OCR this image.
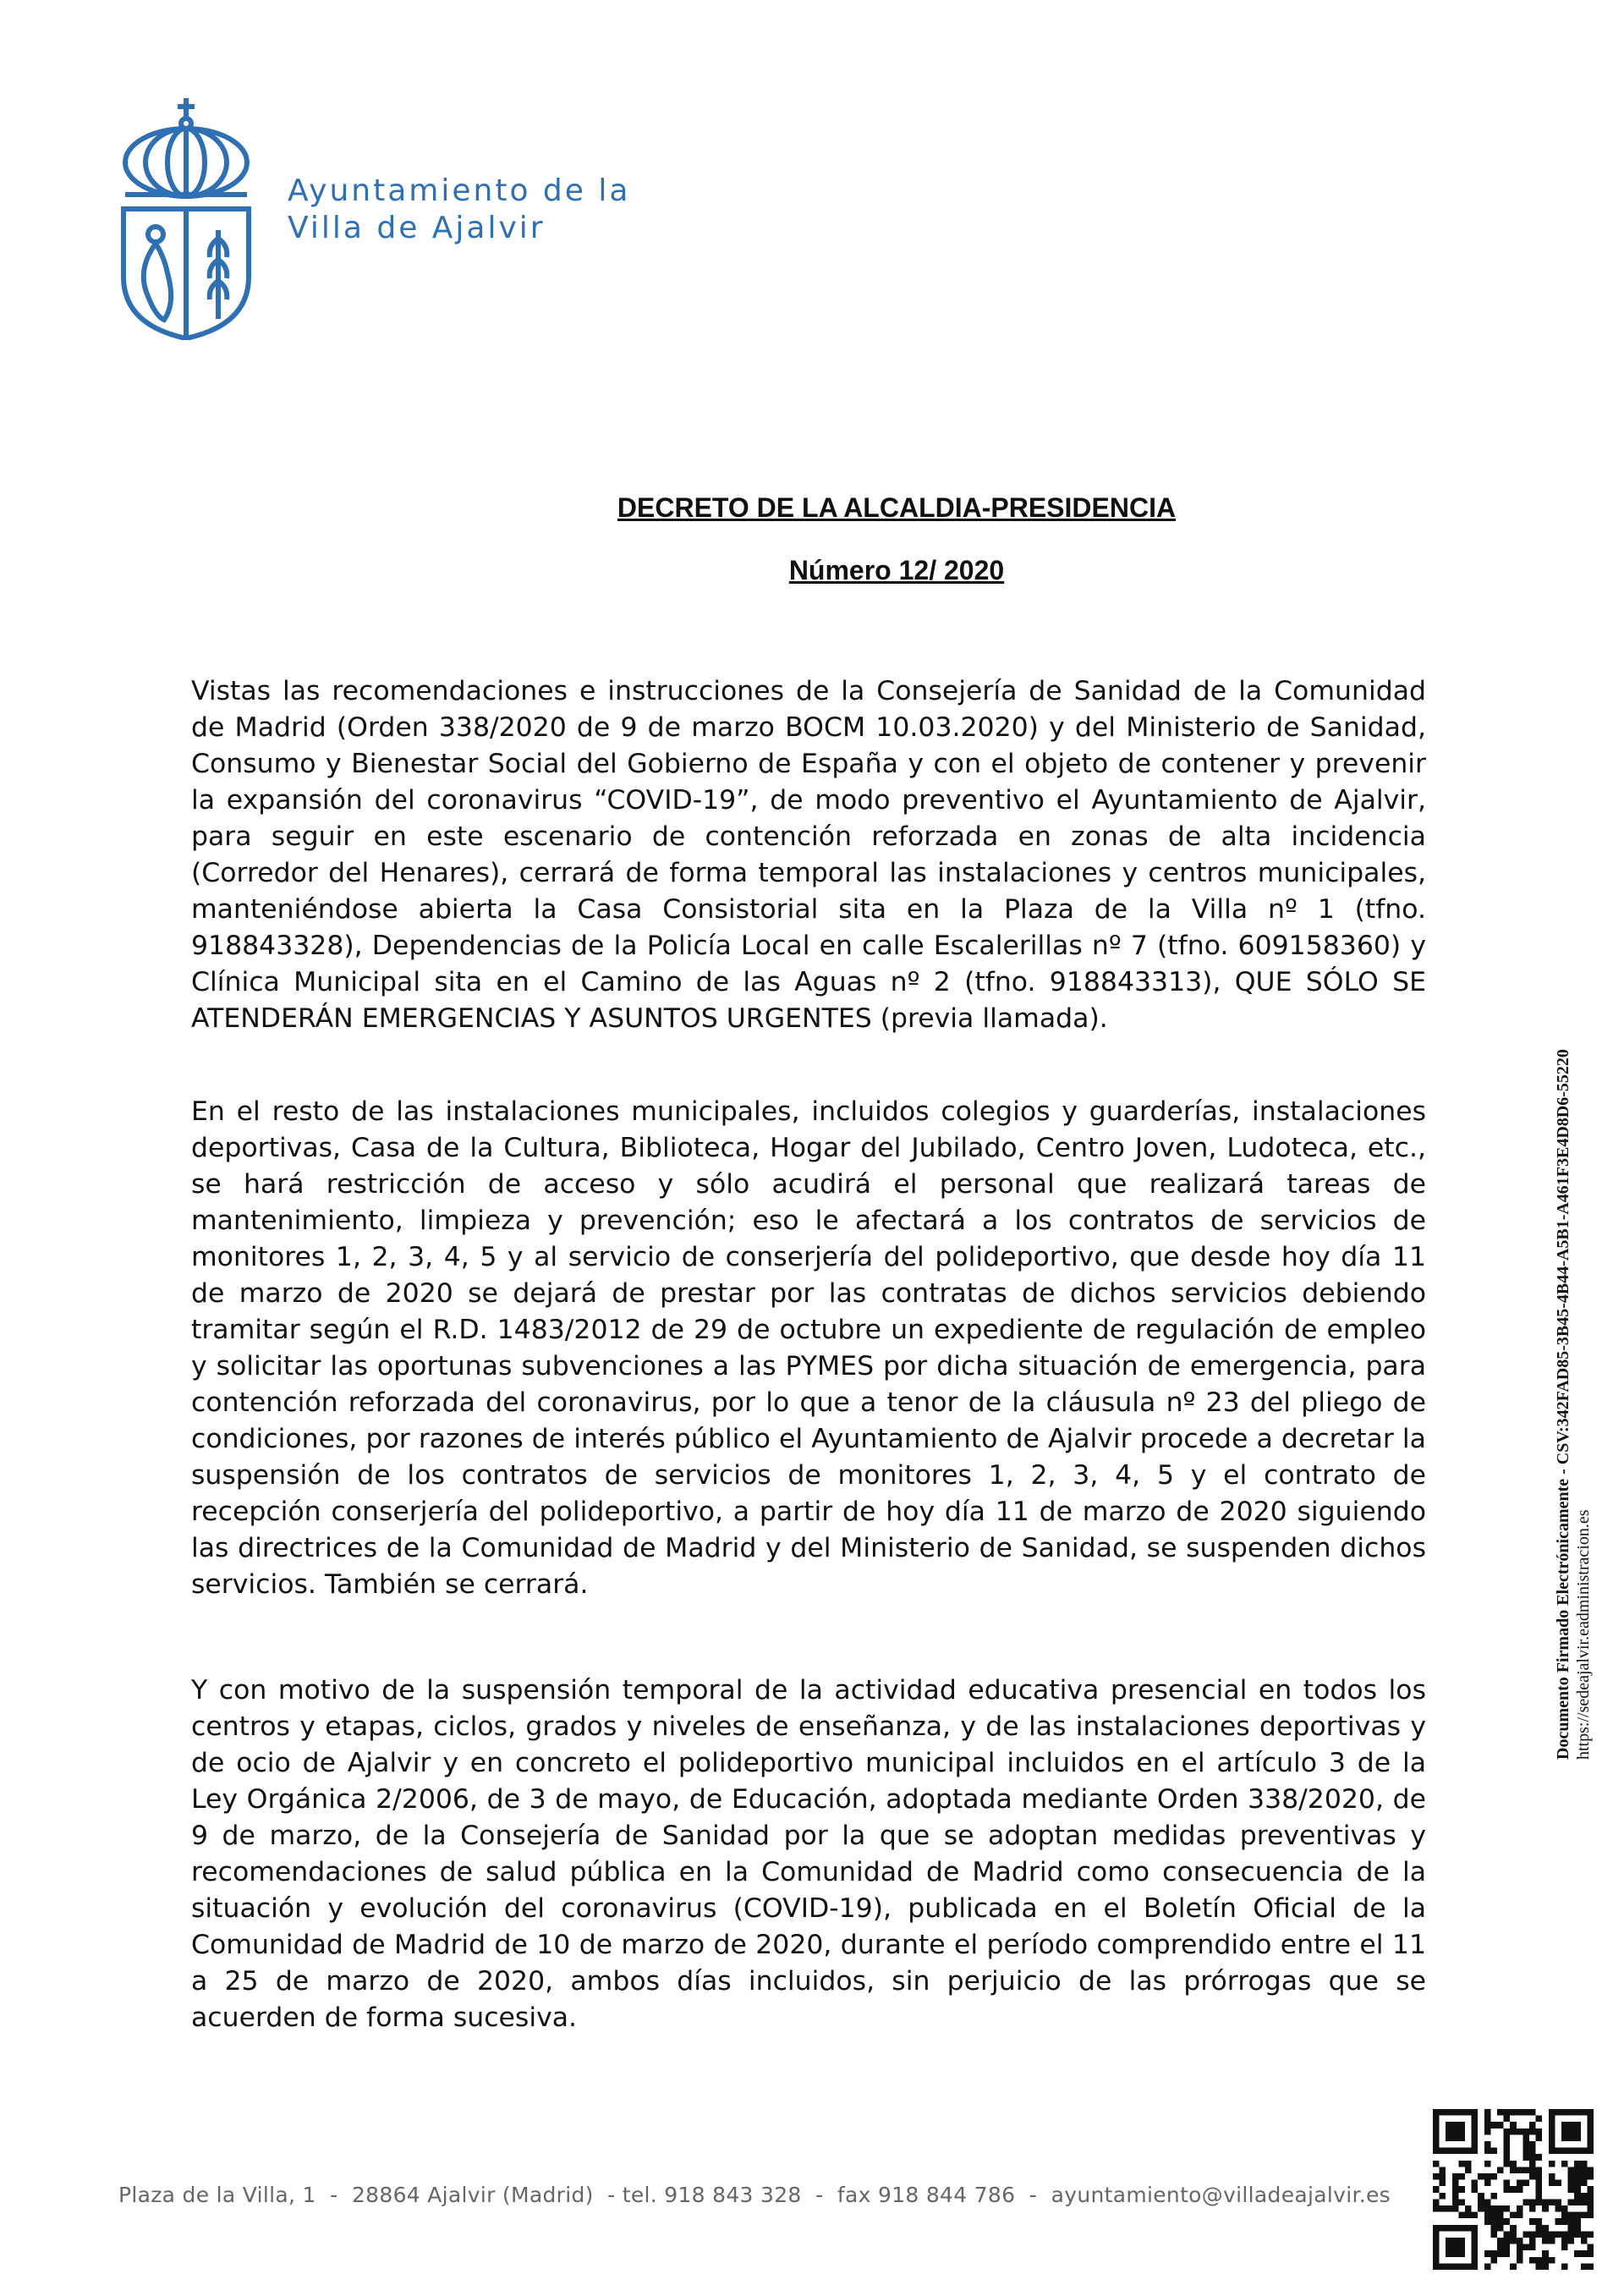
Ayuntamiento de la
Villa de Ajalvir
DECRETO DE LA ALCALDIA-PRESIDENCIA
Número 12/ 2020
Vistas las recomendaciones e instrucciones de la Consejería de Sanidad de la Comunidad de Madrid (Orden 338/2020 de 9 de marzo BOCM 10.03.2020) y del Ministerio de Sanidad, Consumo y Bienestar Social del Gobierno de España y con el objeto de contener y prevenir la expansión del coronavirus “COVID-19”, de modo preventivo el Ayuntamiento de Ajalvir, para seguir en este escenario de contención reforzada en zonas de alta incidencia (Corredor del Henares), cerrará de forma temporal las instalaciones y centros municipales, manteniéndose abierta la Casa Consistorial sita en la Plaza de la Villa nº 1 (tfno. 918843328), Dependencias de la Policía Local en calle Escalerillas nº 7 (tfno. 609158360) y Clínica Municipal sita en el Camino de las Aguas nº 2 (tfno. 918843313), QUE SÓLO SE ATENDERÁN EMERGENCIAS Y ASUNTOS URGENTES (previa llamada).
En el resto de las instalaciones municipales, incluidos colegios y guarderías, instalaciones deportivas, Casa de la Cultura, Biblioteca, Hogar del Jubilado, Centro Joven, Ludoteca, etc., se hará restricción de acceso y sólo acudirá el personal que realizará tareas de mantenimiento, limpieza y prevención; eso le afectará a los contratos de servicios de monitores 1, 2, 3, 4, 5 y al servicio de conserjería del polideportivo, que desde hoy día 11 de marzo de 2020 se dejará de prestar por las contratas de dichos servicios debiendo tramitar según el R.D. 1483/2012 de 29 de octubre un expediente de regulación de empleo y solicitar las oportunas subvenciones a las PYMES por dicha situación de emergencia, para contención reforzada del coronavirus, por lo que a tenor de la cláusula nº 23 del pliego de condiciones, por razones de interés público el Ayuntamiento de Ajalvir procede a decretar la suspensión de los contratos de servicios de monitores 1, 2, 3, 4, 5 y el contrato de recepción conserjería del polideportivo, a partir de hoy día 11 de marzo de 2020 siguiendo las directrices de la Comunidad de Madrid y del Ministerio de Sanidad, se suspenden dichos servicios. También se cerrará.
Y con motivo de la suspensión temporal de la actividad educativa presencial en todos los centros y etapas, ciclos, grados y niveles de enseñanza, y de las instalaciones deportivas y de ocio de Ajalvir y en concreto el polideportivo municipal incluidos en el artículo 3 de la Ley Orgánica 2/2006, de 3 de mayo, de Educación, adoptada mediante Orden 338/2020, de 9 de marzo, de la Consejería de Sanidad por la que se adoptan medidas preventivas y recomendaciones de salud pública en la Comunidad de Madrid como consecuencia de la situación y evolución del coronavirus (COVID-19), publicada en el Boletín Oficial de la Comunidad de Madrid de 10 de marzo de 2020, durante el período comprendido entre el 11 a 25 de marzo de 2020, ambos días incluidos, sin perjuicio de las prórrogas que se acuerden de forma sucesiva.
Documento Firmado Electrónicamente - CSV:342FAD85-3B45-4B44-A5B1-A461F3E4D8D6-55220 https://sedeajalvir.eadministracion.es
Plaza de la Villa, 1  -  28864 Ajalvir (Madrid)  - tel. 918 843 328  -  fax 918 844 786  -  ayuntamiento@villadeajalvir.es
